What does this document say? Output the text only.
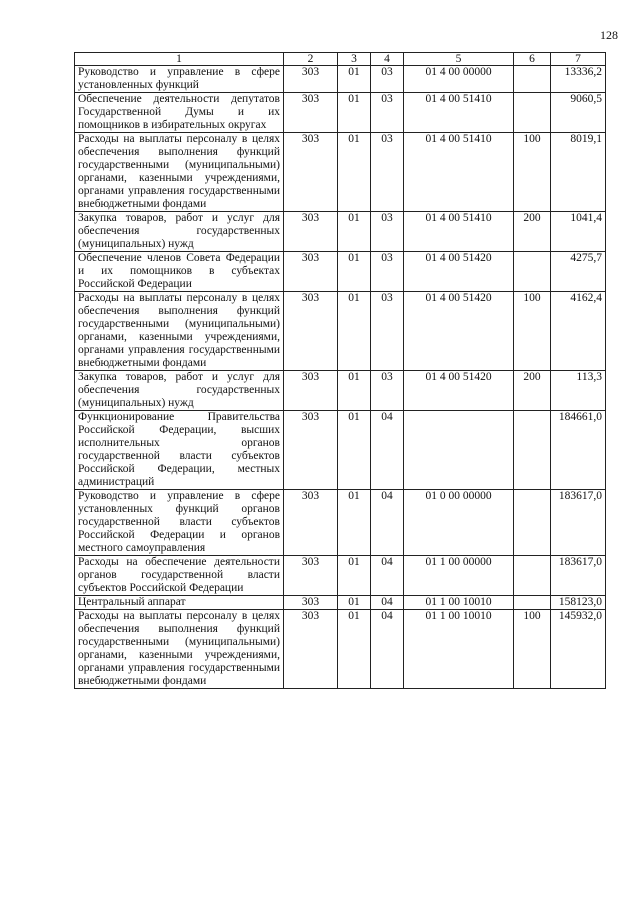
128
1	2	3	4	5	6	7
Руководство и управление в сфере установленных функций	303	01	03	01 4 00 00000		13336,2
Обеспечение деятельности депутатов Государственной Думы и их помощников в избирательных округах	303	01	03	01 4 00 51410		9060,5
Расходы на выплаты персоналу в целях обеспечения выполнения функций государственными (муниципальными) органами, казенными учреждениями, органами управления государственными внебюджетными фондами	303	01	03	01 4 00 51410	100	8019,1
Закупка товаров, работ и услуг для обеспечения государственных (муниципальных) нужд	303	01	03	01 4 00 51410	200	1041,4
Обеспечение членов Совета Федерации и их помощников в субъектах Российской Федерации	303	01	03	01 4 00 51420		4275,7
Расходы на выплаты персоналу в целях обеспечения выполнения функций государственными (муниципальными) органами, казенными учреждениями, органами управления государственными внебюджетными фондами	303	01	03	01 4 00 51420	100	4162,4
Закупка товаров, работ и услуг для обеспечения государственных (муниципальных) нужд	303	01	03	01 4 00 51420	200	113,3
Функционирование Правительства Российской Федерации, высших исполнительных органов государственной власти субъектов Российской Федерации, местных администраций	303	01	04			184661,0
Руководство и управление в сфере установленных функций органов государственной власти субъектов Российской Федерации и органов местного самоуправления	303	01	04	01 0 00 00000		183617,0
Расходы на обеспечение деятельности органов государственной власти субъектов Российской Федерации	303	01	04	01 1 00 00000		183617,0
Центральный аппарат	303	01	04	01 1 00 10010		158123,0
Расходы на выплаты персоналу в целях обеспечения выполнения функций государственными (муниципальными) органами, казенными учреждениями, органами управления государственными внебюджетными фондами	303	01	04	01 1 00 10010	100	145932,0
